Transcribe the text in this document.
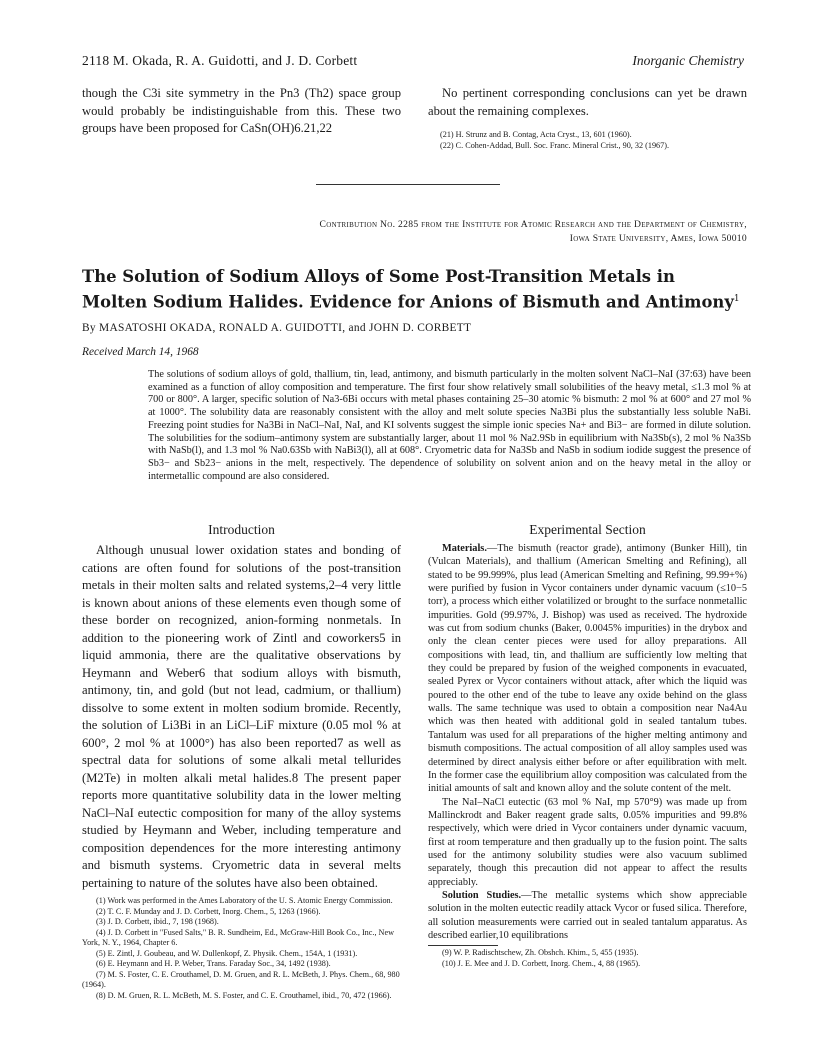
2118 M. Okada, R. A. Guidotti, and J. D. Corbett	Inorganic Chemistry

though the C3i site symmetry in the Pn3 (Th2) space group would probably be indistinguishable from this. These two groups have been proposed for CaSn(OH)6.21,22

No pertinent corresponding conclusions can yet be drawn about the remaining complexes.

(21) H. Strunz and B. Contag, Acta Cryst., 13, 601 (1960).

(22) C. Cohen-Addad, Bull. Soc. Franc. Mineral Crist., 90, 32 (1967).

Contribution No. 2285 from the Institute for Atomic Research and the Department of Chemistry,
Iowa State University, Ames, Iowa 50010
The Solution of Sodium Alloys of Some Post-Transition Metals in
Molten Sodium Halides. Evidence for Anions of Bismuth and Antimony$^1$
By MASATOSHI OKADA, RONALD A. GUIDOTTI, and JOHN D. CORBETT
Received March 14, 1968

The solutions of sodium alloys of gold, thallium, tin, lead, antimony, and bismuth particularly in the molten solvent NaCl–NaI (37:63) have been examined as a function of alloy composition and temperature. The first four show relatively small solubilities of the heavy metal, ≤1.3 mol % at 700 or 800°. A larger, specific solution of Na3-6Bi occurs with metal phases containing 25–30 atomic % bismuth: 2 mol % at 600° and 27 mol % at 1000°. The solubility data are reasonably consistent with the alloy and melt solute species Na3Bi plus the substantially less soluble NaBi. Freezing point studies for Na3Bi in NaCl–NaI, NaI, and KI solvents suggest the simple ionic species Na+ and Bi3− are formed in dilute solution. The solubilities for the sodium–antimony system are substantially larger, about 11 mol % Na2.9Sb in equilibrium with Na3Sb(s), 2 mol % Na3Sb with NaSb(l), and 1.3 mol % Na0.63Sb with NaBi3(l), all at 608°. Cryometric data for Na3Sb and NaSb in sodium iodide suggest the presence of Sb3− and Sb23− anions in the melt, respectively. The dependence of solubility on solvent anion and on the heavy metal in the alloy or intermetallic compound are also considered.

Introduction

Although unusual lower oxidation states and bonding of cations are often found for solutions of the post-transition metals in their molten salts and related systems,2–4 very little is known about anions of these elements even though some of these border on recognized, anion-forming nonmetals. In addition to the pioneering work of Zintl and coworkers5 in liquid ammonia, there are the qualitative observations by Heymann and Weber6 that sodium alloys with bismuth, antimony, tin, and gold (but not lead, cadmium, or thallium) dissolve to some extent in molten sodium bromide. Recently, the solution of Li3Bi in an LiCl–LiF mixture (0.05 mol % at 600°, 2 mol % at 1000°) has also been reported7 as well as spectral data for solutions of some alkali metal tellurides (M2Te) in molten alkali metal halides.8 The present paper reports more quantitative solubility data in the lower melting NaCl–NaI eutectic composition for many of the alloy systems studied by Heymann and Weber, including temperature and composition dependences for the more interesting antimony and bismuth systems. Cryometric data in several melts pertaining to nature of the solutes have also been obtained.

(1) Work was performed in the Ames Laboratory of the U. S. Atomic Energy Commission.

(2) T. C. F. Munday and J. D. Corbett, Inorg. Chem., 5, 1263 (1966).

(3) J. D. Corbett, ibid., 7, 198 (1968).

(4) J. D. Corbett in "Fused Salts," B. R. Sundheim, Ed., McGraw-Hill Book Co., Inc., New York, N. Y., 1964, Chapter 6.

(5) E. Zintl, J. Goubeau, and W. Dullenkopf, Z. Physik. Chem., 154A, 1 (1931).

(6) E. Heymann and H. P. Weber, Trans. Faraday Soc., 34, 1492 (1938).

(7) M. S. Foster, C. E. Crouthamel, D. M. Gruen, and R. L. McBeth, J. Phys. Chem., 68, 980 (1964).

(8) D. M. Gruen, R. L. McBeth, M. S. Foster, and C. E. Crouthamel, ibid., 70, 472 (1966).

Experimental Section

Materials.—The bismuth (reactor grade), antimony (Bunker Hill), tin (Vulcan Materials), and thallium (American Smelting and Refining), all stated to be 99.999%, plus lead (American Smelting and Refining, 99.99+%) were purified by fusion in Vycor containers under dynamic vacuum (≤10−5 torr), a process which either volatilized or brought to the surface nonmetallic impurities. Gold (99.97%, J. Bishop) was used as received. The hydroxide was cut from sodium chunks (Baker, 0.0045% impurities) in the drybox and only the clean center pieces were used for alloy preparations. All compositions with lead, tin, and thallium are sufficiently low melting that they could be prepared by fusion of the weighed components in evacuated, sealed Pyrex or Vycor containers without attack, after which the liquid was poured to the other end of the tube to leave any oxide behind on the glass walls. The same technique was used to obtain a composition near Na4Au which was then heated with additional gold in sealed tantalum tubes. Tantalum was used for all preparations of the higher melting antimony and bismuth compositions. The actual composition of all alloy samples used was determined by direct analysis either before or after equilibration with melt. In the former case the equilibrium alloy composition was calculated from the initial amounts of salt and known alloy and the solute content of the melt.

The NaI–NaCl eutectic (63 mol % NaI, mp 570°9) was made up from Mallinckrodt and Baker reagent grade salts, 0.05% impurities and 99.8% respectively, which were dried in Vycor containers under dynamic vacuum, first at room temperature and then gradually up to the fusion point. The salts used for the antimony solubility studies were also vacuum sublimed separately, though this precaution did not appear to affect the results appreciably.

Solution Studies.—The metallic systems which show appreciable solution in the molten eutectic readily attack Vycor or fused silica. Therefore, all solution measurements were carried out in sealed tantalum apparatus. As described earlier,10 equilibrations

(9) W. P. Radischtschew, Zh. Obshch. Khim., 5, 455 (1935).

(10) J. E. Mee and J. D. Corbett, Inorg. Chem., 4, 88 (1965).
